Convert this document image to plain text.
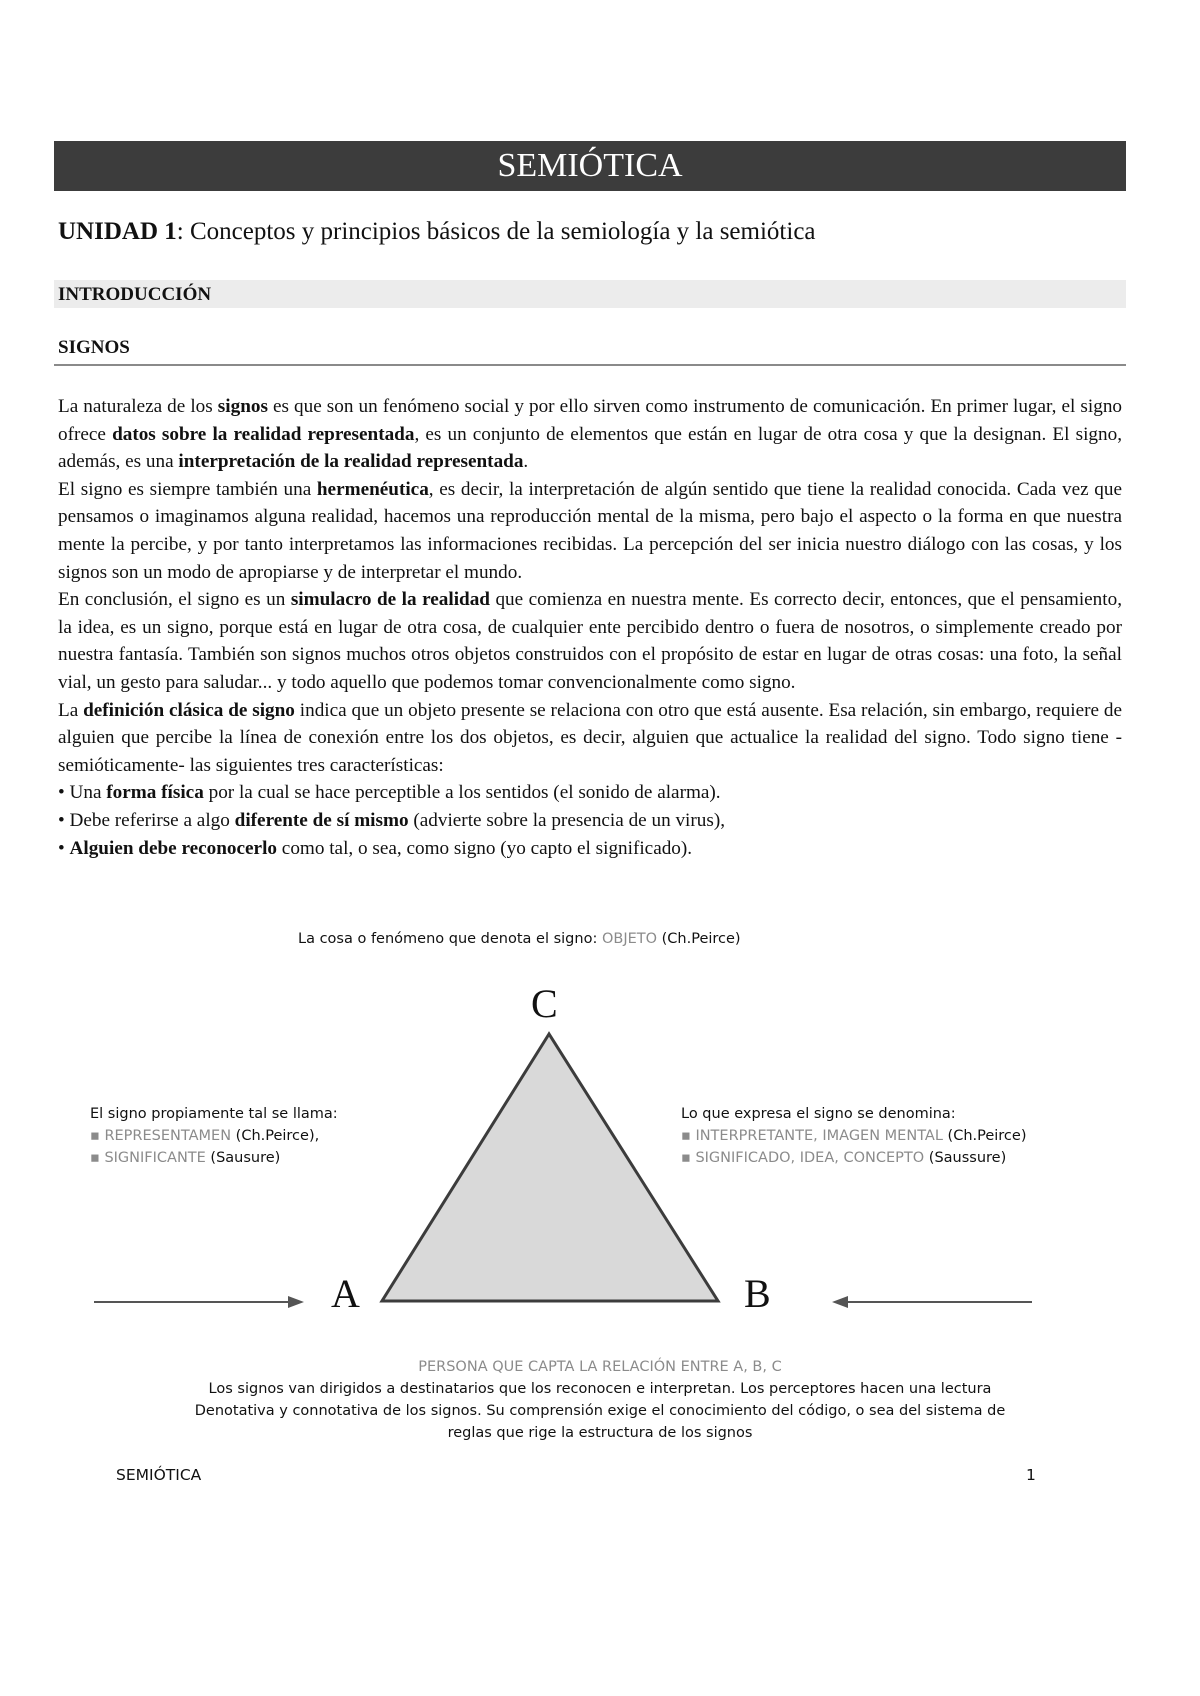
SEMIÓTICA
UNIDAD 1: Conceptos y principios básicos de la semiología y la semiótica
INTRODUCCIÓN
SIGNOS

La naturaleza de los signos es que son un fenómeno social y por ello sirven como instrumento de comunicación. En primer lugar, el signo ofrece datos sobre la realidad representada, es un conjunto de elementos que están en lugar de otra cosa y que la designan. El signo, además, es una interpretación de la realidad representada.

El signo es siempre también una hermenéutica, es decir, la interpretación de algún sentido que tiene la realidad conocida. Cada vez que pensamos o imaginamos alguna realidad, hacemos una reproducción mental de la misma, pero bajo el aspecto o la forma en que nuestra mente la percibe, y por tanto interpretamos las informaciones recibidas. La percepción del ser inicia nuestro diálogo con las cosas, y los signos son un modo de apropiarse y de interpretar el mundo.

En conclusión, el signo es un simulacro de la realidad que comienza en nuestra mente. Es correcto decir, entonces, que el pensamiento, la idea, es un signo, porque está en lugar de otra cosa, de cualquier ente percibido dentro o fuera de nosotros, o simplemente creado por nuestra fantasía. También son signos muchos otros objetos construidos con el propósito de estar en lugar de otras cosas: una foto, la señal vial, un gesto para saludar... y todo aquello que podemos tomar convencionalmente como signo.

La definición clásica de signo indica que un objeto presente se relaciona con otro que está ausente. Esa relación, sin embargo, requiere de alguien que percibe la línea de conexión entre los dos objetos, es decir, alguien que actualice la realidad del signo. Todo signo tiene -semióticamente- las siguientes tres características:

• Una forma física por la cual se hace perceptible a los sentidos (el sonido de alarma).

• Debe referirse a algo diferente de sí mismo (advierte sobre la presencia de un virus),

• Alguien debe reconocerlo como tal, o sea, como signo (yo capto el significado).

La cosa o fenómeno que denota el signo: OBJETO (Ch.Peirce)
C
A	B
El signo propiamente tal se llama:
▪ REPRESENTAMEN (Ch.Peirce),
▪ SIGNIFICANTE (Sausure)
Lo que expresa el signo se denomina:
▪ INTERPRETANTE, IMAGEN MENTAL (Ch.Peirce)
▪ SIGNIFICADO, IDEA, CONCEPTO (Saussure)
PERSONA QUE CAPTA LA RELACIÓN ENTRE A, B, C
Los signos van dirigidos a destinatarios que los reconocen e interpretan. Los perceptores hacen una lectura
Denotativa y connotativa de los signos. Su comprensión exige el conocimiento del código, o sea del sistema de
reglas que rige la estructura de los signos
SEMIÓTICA	1
